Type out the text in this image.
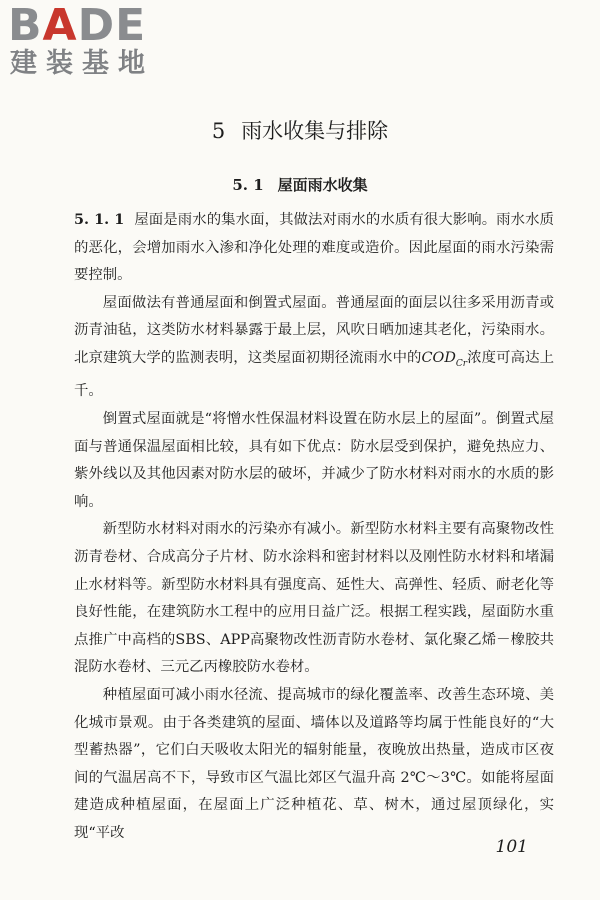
BADE
建装基地
5 雨水收集与排除
5. 1 屋面雨水收集

5. 1. 1 屋面是雨水的集水面，其做法对雨水的水质有很大影响。雨水水质的恶化，会增加雨水入渗和净化处理的难度或造价。因此屋面的雨水污染需要控制。

屋面做法有普通屋面和倒置式屋面。普通屋面的面层以往多采用沥青或沥青油毡，这类防水材料暴露于最上层，风吹日晒加速其老化，污染雨水。北京建筑大学的监测表明，这类屋面初期径流雨水中的$COD_{Cr}$浓度可高达上千。

倒置式屋面就是“将憎水性保温材料设置在防水层上的屋面”。倒置式屋面与普通保温屋面相比较，具有如下优点：防水层受到保护，避免热应力、紫外线以及其他因素对防水层的破坏，并减少了防水材料对雨水的水质的影响。

新型防水材料对雨水的污染亦有减小。新型防水材料主要有高聚物改性沥青卷材、合成高分子片材、防水涂料和密封材料以及刚性防水材料和堵漏止水材料等。新型防水材料具有强度高、延性大、高弹性、轻质、耐老化等良好性能，在建筑防水工程中的应用日益广泛。根据工程实践，屋面防水重点推广中高档的SBS、APP高聚物改性沥青防水卷材、氯化聚乙烯－橡胶共混防水卷材、三元乙丙橡胶防水卷材。

种植屋面可减小雨水径流、提高城市的绿化覆盖率、改善生态环境、美化城市景观。由于各类建筑的屋面、墙体以及道路等均属于性能良好的“大型蓄热器”，它们白天吸收太阳光的辐射能量，夜晚放出热量，造成市区夜间的气温居高不下，导致市区气温比郊区气温升高 2℃～3℃。如能将屋面建造成种植屋面，在屋面上广泛种植花、草、树木，通过屋顶绿化，实现“平改

101
